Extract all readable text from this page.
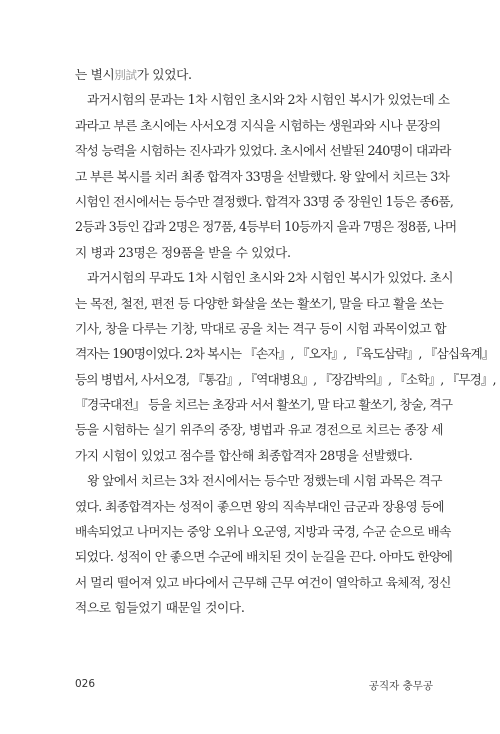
는 별시別試가 있었다.
과거시험의 문과는 1차 시험인 초시와 2차 시험인 복시가 있었는데 소
과라고 부른 초시에는 사서오경 지식을 시험하는 생원과와 시나 문장의
작성 능력을 시험하는 진사과가 있었다. 초시에서 선발된 240명이 대과라
고 부른 복시를 치러 최종 합격자 33명을 선발했다. 왕 앞에서 치르는 3차
시험인 전시에서는 등수만 결정했다. 합격자 33명 중 장원인 1등은 종6품,
2등과 3등인 갑과 2명은 정7품, 4등부터 10등까지 을과 7명은 정8품, 나머
지 병과 23명은 정9품을 받을 수 있었다.
과거시험의 무과도 1차 시험인 초시와 2차 시험인 복시가 있었다. 초시
는 목전, 철전, 편전 등 다양한 화살을 쏘는 활쏘기, 말을 타고 활을 쏘는
기사, 창을 다루는 기창, 막대로 공을 치는 격구 등이 시험 과목이었고 합
격자는 190명이었다. 2차 복시는 『손자』, 『오자』, 『육도삼략』, 『삼십육계』
등의 병법서, 사서오경, 『통감』, 『역대병요』, 『장감박의』, 『소학』, 『무경』,
『경국대전』 등을 치르는 초장과 서서 활쏘기, 말 타고 활쏘기, 창술, 격구
등을 시험하는 실기 위주의 중장, 병법과 유교 경전으로 치르는 종장 세
가지 시험이 있었고 점수를 합산해 최종합격자 28명을 선발했다.
왕 앞에서 치르는 3차 전시에서는 등수만 정했는데 시험 과목은 격구
였다. 최종합격자는 성적이 좋으면 왕의 직속부대인 금군과 장용영 등에
배속되었고 나머지는 중앙 오위나 오군영, 지방과 국경, 수군 순으로 배속
되었다. 성적이 안 좋으면 수군에 배치된 것이 눈길을 끈다. 아마도 한양에
서 멀리 떨어져 있고 바다에서 근무해 근무 여건이 열악하고 육체적, 정신
적으로 힘들었기 때문일 것이다.
026	공직자 충무공
